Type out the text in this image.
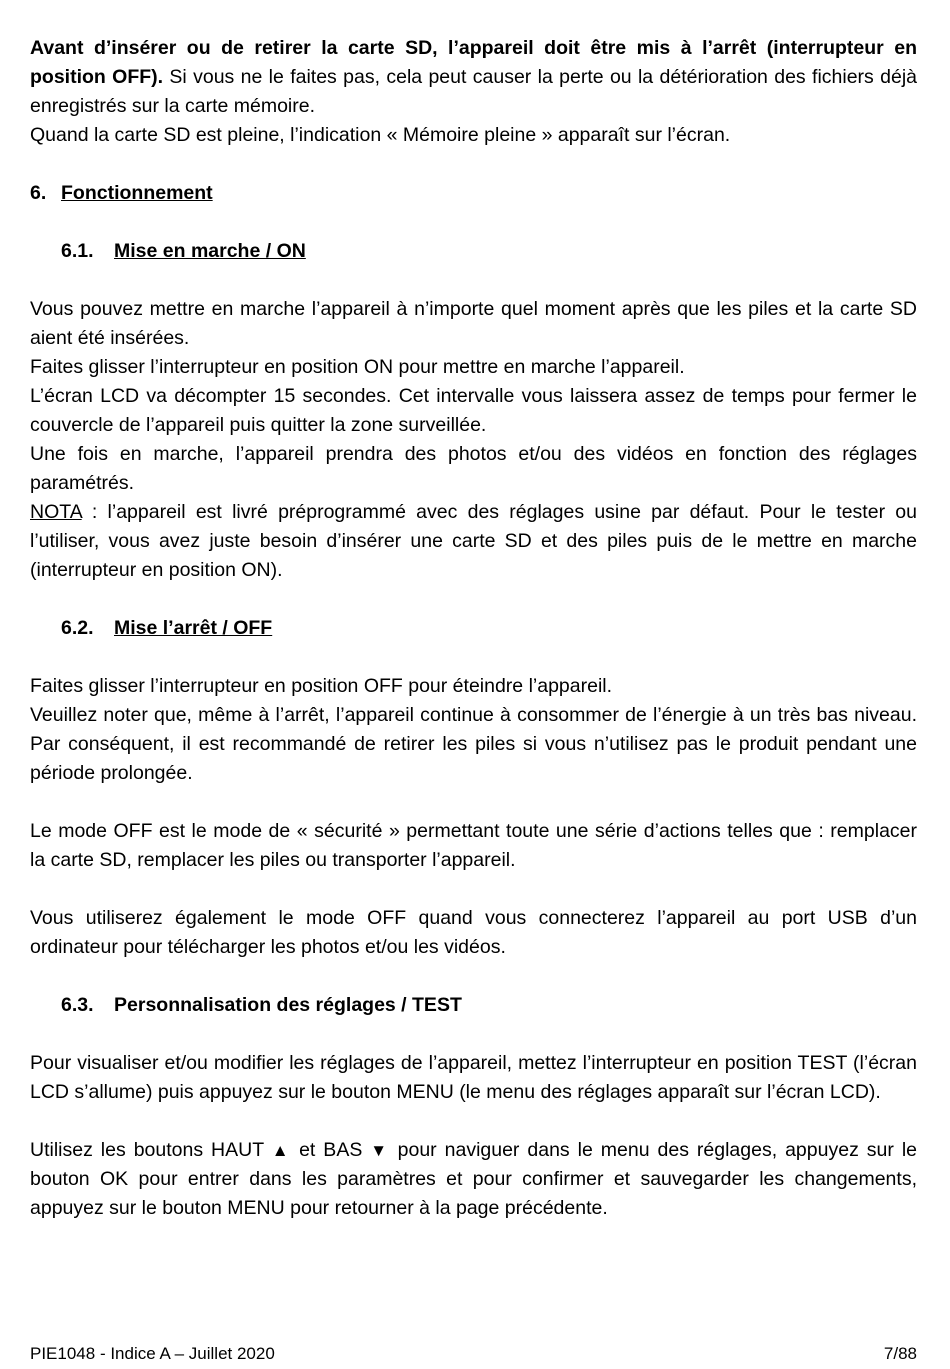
Avant d’insérer ou de retirer la carte SD, l’appareil doit être mis à l’arrêt (interrupteur en position OFF). Si vous ne le faites pas, cela peut causer la perte ou la détérioration des fichiers déjà enregistrés sur la carte mémoire.

Quand la carte SD est pleine, l’indication « Mémoire pleine » apparaît sur l’écran.

6. Fonctionnement
6.1. Mise en marche / ON

Vous pouvez mettre en marche l’appareil à n’importe quel moment après que les piles et la carte SD aient été insérées.

Faites glisser l’interrupteur en position ON pour mettre en marche l’appareil.

L’écran LCD va décompter 15 secondes. Cet intervalle vous laissera assez de temps pour fermer le couvercle de l’appareil puis quitter la zone surveillée.

Une fois en marche, l’appareil prendra des photos et/ou des vidéos en fonction des réglages paramétrés.

NOTA : l’appareil est livré préprogrammé avec des réglages usine par défaut. Pour le tester ou l’utiliser, vous avez juste besoin d’insérer une carte SD et des piles puis de le mettre en marche (interrupteur en position ON).

6.2. Mise l’arrêt / OFF

Faites glisser l’interrupteur en position OFF pour éteindre l’appareil.

Veuillez noter que, même à l’arrêt, l’appareil continue à consommer de l’énergie à un très bas niveau. Par conséquent, il est recommandé de retirer les piles si vous n’utilisez pas le produit pendant une période prolongée.

Le mode OFF est le mode de « sécurité » permettant toute une série d’actions telles que : remplacer la carte SD, remplacer les piles ou transporter l’appareil.

Vous utiliserez également le mode OFF quand vous connecterez l’appareil au port USB d’un ordinateur pour télécharger les photos et/ou les vidéos.

6.3. Personnalisation des réglages / TEST

Pour visualiser et/ou modifier les réglages de l’appareil, mettez l’interrupteur en position TEST (l’écran LCD s’allume) puis appuyez sur le bouton MENU (le menu des réglages apparaît sur l’écran LCD).

Utilisez les boutons HAUT ▲ et BAS ▼ pour naviguer dans le menu des réglages, appuyez sur le bouton OK pour entrer dans les paramètres et pour confirmer et sauvegarder les changements, appuyez sur le bouton MENU pour retourner à la page précédente.

PIE1048 - Indice A – Juillet 2020	7/88
